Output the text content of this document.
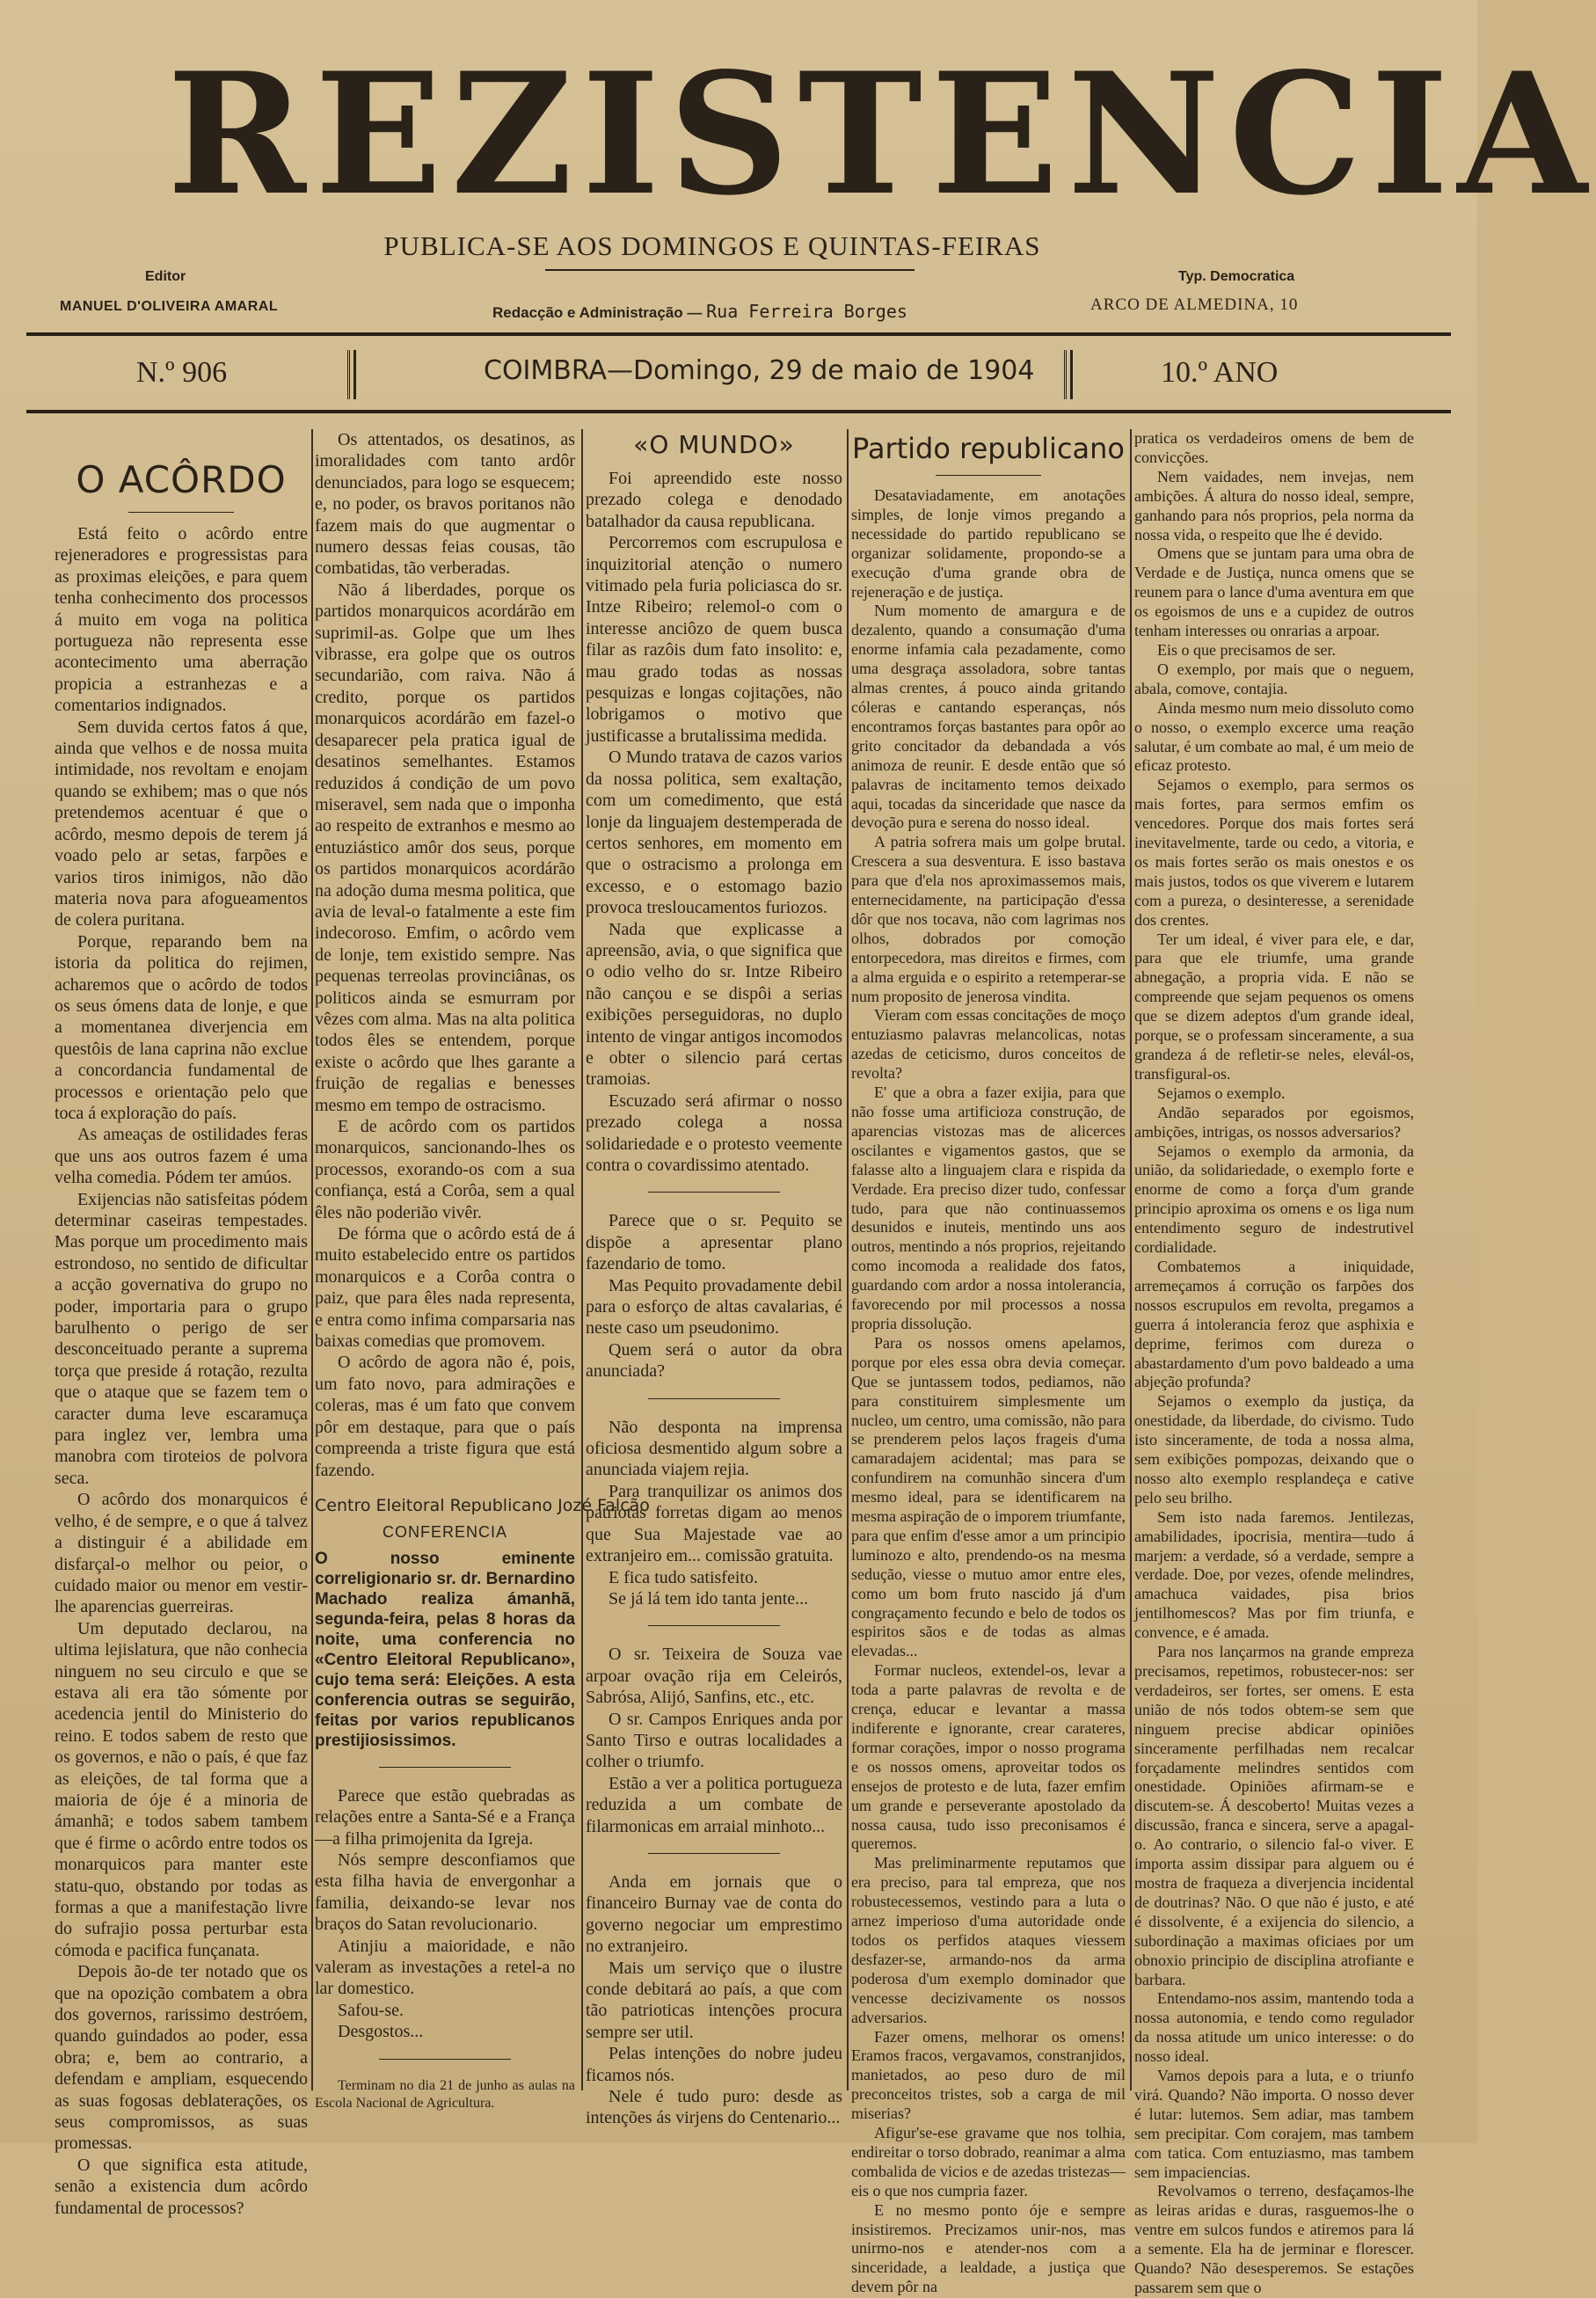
REZISTENCIA
PUBLICA-SE AOS DOMINGOS E QUINTAS-FEIRAS
Editor
MANUEL D'OLIVEIRA AMARAL	Redacção e Administração — Rua Ferreira Borges
Typ. Democratica
ARCO DE ALMEDINA, 10
N.º 906	COIMBRA—Domingo, 29 de maio de 1904	10.º ANO
O ACÔRDO

Está feito o acôrdo entre rejeneradores e progressistas para as proximas eleições, e para quem tenha conhecimento dos processos á muito em voga na politica portugueza não representa esse acontecimento uma aberração propicia a estranhezas e a comentarios indignados.

Sem duvida certos fatos á que, ainda que velhos e de nossa muita intimidade, nos revoltam e enojam quando se exhibem; mas o que nós pretendemos acentuar é que o acôrdo, mesmo depois de terem já voado pelo ar setas, farpões e varios tiros inimigos, não dão materia nova para afogueamentos de colera puritana.

Porque, reparando bem na istoria da politica do rejimen, acharemos que o acôrdo de todos os seus ómens data de lonje, e que a momentanea diverjencia em questôis de lana caprina não exclue a concordancia fundamental de processos e orientação pelo que toca á exploração do país.

As ameaças de ostilidades feras que uns aos outros fazem é uma velha comedia. Pódem ter amúos.

Exijencias não satisfeitas pódem determinar caseiras tempestades. Mas porque um procedimento mais estrondoso, no sentido de dificultar a acção governativa do grupo no poder, importaria para o grupo barulhento o perigo de ser desconceituado perante a suprema torça que preside á rotação, rezulta que o ataque que se fazem tem o caracter duma leve escaramuça para inglez ver, lembra uma manobra com tiroteios de polvora seca.

O acôrdo dos monarquicos é velho, é de sempre, e o que á talvez a distinguir é a abilidade em disfarçal-o melhor ou peior, o cuidado maior ou menor em vestir-lhe aparencias guerreiras.

Um deputado declarou, na ultima lejislatura, que não conhecia ninguem no seu circulo e que se estava ali era tão sómente por acedencia jentil do Ministerio do reino. E todos sabem de resto que os governos, e não o país, é que faz as eleições, de tal forma que a maioria de óje é a minoria de ámanhã; e todos sabem tambem que é firme o acôrdo entre todos os monarquicos para manter este statu-quo, obstando por todas as formas a que a manifestação livre do sufrajio possa perturbar esta cómoda e pacifica funçanata.

Depois ão-de ter notado que os que na opozição combatem a obra dos governos, rarissimo destróem, quando guindados ao poder, essa obra; e, bem ao contrario, a defendam e ampliam, esquecendo as suas fogosas deblaterações, os seus compromissos, as suas promessas.

O que significa esta atitude, senão a existencia dum acôrdo fundamental de processos?

Os attentados, os desatinos, as imoralidades com tanto ardôr denunciados, para logo se esquecem; e, no poder, os bravos poritanos não fazem mais do que augmentar o numero dessas feias cousas, tão combatidas, tão verberadas.

Não á liberdades, porque os partidos monarquicos acordárão em suprimil-as. Golpe que um lhes vibrasse, era golpe que os outros secundarião, com raiva. Não á credito, porque os partidos monarquicos acordárão em fazel-o desaparecer pela pratica igual de desatinos semelhantes. Estamos reduzidos á condição de um povo miseravel, sem nada que o imponha ao respeito de extranhos e mesmo ao entuziástico amôr dos seus, porque os partidos monarquicos acordárão na adoção duma mesma politica, que avia de leval-o fatalmente a este fim indecoroso. Emfim, o acôrdo vem de lonje, tem existido sempre. Nas pequenas terreolas provinciânas, os politicos ainda se esmurram por vêzes com alma. Mas na alta politica todos êles se entendem, porque existe o acôrdo que lhes garante a fruição de regalias e benesses mesmo em tempo de ostracismo.

E de acôrdo com os partidos monarquicos, sancionando-lhes os processos, exorando-os com a sua confiança, está a Corôa, sem a qual êles não poderião vivêr.

De fórma que o acôrdo está de á muito estabelecido entre os partidos monarquicos e a Corôa contra o paiz, que para êles nada representa, e entra como infima comparsaria nas baixas comedias que promovem.

O acôrdo de agora não é, pois, um fato novo, para admirações e coleras, mas é um fato que convem pôr em destaque, para que o país compreenda a triste figura que está fazendo.

Centro Eleitoral Republicano Jozé Falcão
CONFERENCIA
O nosso eminente correligionario sr. dr. Bernardino Machado realiza ámanhã, segunda-feira, pelas 8 horas da noite, uma conferencia no «Centro Eleitoral Republicano», cujo tema será: Eleições. A esta conferencia outras se seguirão, feitas por varios republicanos prestijiosissimos.

Parece que estão quebradas as relações entre a Santa-Sé e a França—a filha primojenita da Igreja.

Nós sempre desconfiamos que esta filha havia de envergonhar a familia, deixando-se levar nos braços do Satan revolucionario.

Atinjiu a maioridade, e não valeram as investações a retel-a no lar domestico.

Safou-se.

Desgostos...

Terminam no dia 21 de junho as aulas na Escola Nacional de Agricultura.

«O MUNDO»

Foi apreendido este nosso prezado colega e denodado batalhador da causa republicana.

Percorremos com escrupulosa e inquizitorial atenção o numero vitimado pela furia policiasca do sr. Intze Ribeiro; relemol-o com o interesse anciôzo de quem busca filar as razôis dum fato insolito: e, mau grado todas as nossas pesquizas e longas cojitações, não lobrigamos o motivo que justificasse a brutalissima medida.

O Mundo tratava de cazos varios da nossa politica, sem exaltação, com um comedimento, que está lonje da linguajem destemperada de certos senhores, em momento em que o ostracismo a prolonga em excesso, e o estomago bazio provoca tresloucamentos furiozos.

Nada que explicasse a apreensão, avia, o que significa que o odio velho do sr. Intze Ribeiro não cançou e se dispôi a serias exibições perseguidoras, no duplo intento de vingar antigos incomodos e obter o silencio pará certas tramoias.

Escuzado será afirmar o nosso prezado colega a nossa solidariedade e o protesto veemente contra o covardissimo atentado.

Parece que o sr. Pequito se dispõe a apresentar plano fazendario de tomo.

Mas Pequito provadamente debil para o esforço de altas cavalarias, é neste caso um pseudonimo.

Quem será o autor da obra anunciada?

Não desponta na imprensa oficiosa desmentido algum sobre a anunciada viajem rejia.

Para tranquilizar os animos dos patriotas forretas digam ao menos que Sua Majestade vae ao extranjeiro em... comissão gratuita.

E fica tudo satisfeito.

Se já lá tem ido tanta jente...

O sr. Teixeira de Souza vae arpoar ovação rija em Celeirós, Sabrósa, Alijó, Sanfins, etc., etc.

O sr. Campos Enriques anda por Santo Tirso e outras localidades a colher o triumfo.

Estão a ver a politica portugueza reduzida a um combate de filarmonicas em arraial minhoto...

Anda em jornais que o financeiro Burnay vae de conta do governo negociar um emprestimo no extranjeiro.

Mais um serviço que o ilustre conde debitará ao país, a que com tão patrioticas intenções procura sempre ser util.

Pelas intenções do nobre judeu ficamos nós.

Nele é tudo puro: desde as intenções ás virjens do Centenario...

Partido republicano

Desataviadamente, em anotações simples, de lonje vimos pregando a necessidade do partido republicano se organizar solidamente, propondo-se a execução d'uma grande obra de rejeneração e de justiça.

Num momento de amargura e de dezalento, quando a consumação d'uma enorme infamia cala pezadamente, como uma desgraça assoladora, sobre tantas almas crentes, á pouco ainda gritando cóleras e cantando esperanças, nós encontramos forças bastantes para opôr ao grito concitador da debandada a vós animoza de reunir. E desde então que só palavras de incitamento temos deixado aqui, tocadas da sinceridade que nasce da devoção pura e serena do nosso ideal.

A patria sofrera mais um golpe brutal. Crescera a sua desventura. E isso bastava para que d'ela nos aproximassemos mais, enternecidamente, na participação d'essa dôr que nos tocava, não com lagrimas nos olhos, dobrados por comoção entorpecedora, mas direitos e firmes, com a alma erguida e o espirito a retemperar-se num proposito de jenerosa vindita.

Vieram com essas concitações de moço entuziasmo palavras melancolicas, notas azedas de ceticismo, duros conceitos de revolta?

E' que a obra a fazer exijia, para que não fosse uma artificioza construção, de aparencias vistozas mas de alicerces oscilantes e vigamentos gastos, que se falasse alto a linguajem clara e rispida da Verdade. Era preciso dizer tudo, confessar tudo, para que não continuassemos desunidos e inuteis, mentindo uns aos outros, mentindo a nós proprios, rejeitando como incomoda a realidade dos fatos, guardando com ardor a nossa intolerancia, favorecendo por mil processos a nossa propria dissolução.

Para os nossos omens apelamos, porque por eles essa obra devia começar. Que se juntassem todos, pediamos, não para constituirem simplesmente um nucleo, um centro, uma comissão, não para se prenderem pelos laços frageis d'uma camaradajem acidental; mas para se confundirem na comunhão sincera d'um mesmo ideal, para se identificarem na mesma aspiração de o imporem triumfante, para que enfim d'esse amor a um principio luminozo e alto, prendendo-os na mesma sedução, viesse o mutuo amor entre eles, como um bom fruto nascido já d'um congraçamento fecundo e belo de todos os espiritos sãos e de todas as almas elevadas...

Formar nucleos, extendel-os, levar a toda a parte palavras de revolta e de crença, educar e levantar a massa indiferente e ignorante, crear carateres, formar corações, impor o nosso programa e os nossos omens, aproveitar todos os ensejos de protesto e de luta, fazer emfim um grande e perseverante apostolado da nossa causa, tudo isso preconisamos é queremos.

Mas preliminarmente reputamos que era preciso, para tal empreza, que nos robustecessemos, vestindo para a luta o arnez imperioso d'uma autoridade onde todos os perfidos ataques viessem desfazer-se, armando-nos da arma poderosa d'um exemplo dominador que vencesse decizivamente os nossos adversarios.

Fazer omens, melhorar os omens! Eramos fracos, vergavamos, constranjidos, manietados, ao peso duro de mil preconceitos tristes, sob a carga de mil miserias?

Afigur'se-ese gravame que nos tolhia, endireitar o torso dobrado, reanimar a alma combalida de vicios e de azedas tristezas—eis o que nos cumpria fazer.

E no mesmo ponto óje e sempre insistiremos. Precizamos unir-nos, mas unirmo-nos e atender-nos com a sinceridade, a lealdade, a justiça que devem pôr na

pratica os verdadeiros omens de bem de convicções.

Nem vaidades, nem invejas, nem ambições. Á altura do nosso ideal, sempre, ganhando para nós proprios, pela norma da nossa vida, o respeito que lhe é devido.

Omens que se juntam para uma obra de Verdade e de Justiça, nunca omens que se reunem para o lance d'uma aventura em que os egoismos de uns e a cupidez de outros tenham interesses ou onrarias a arpoar.

Eis o que precisamos de ser.

O exemplo, por mais que o neguem, abala, comove, contajia.

Ainda mesmo num meio dissoluto como o nosso, o exemplo excerce uma reação salutar, é um combate ao mal, é um meio de eficaz protesto.

Sejamos o exemplo, para sermos os mais fortes, para sermos emfim os vencedores. Porque dos mais fortes será inevitavelmente, tarde ou cedo, a vitoria, e os mais fortes serão os mais onestos e os mais justos, todos os que viverem e lutarem com a pureza, o desinteresse, a serenidade dos crentes.

Ter um ideal, é viver para ele, e dar, para que ele triumfe, uma grande abnegação, a propria vida. E não se compreende que sejam pequenos os omens que se dizem adeptos d'um grande ideal, porque, se o professam sinceramente, a sua grandeza á de refletir-se neles, elevál-os, transfigural-os.

Sejamos o exemplo.

Andão separados por egoismos, ambições, intrigas, os nossos adversarios?

Sejamos o exemplo da armonia, da união, da solidariedade, o exemplo forte e enorme de como a força d'um grande principio aproxima os omens e os liga num entendimento seguro de indestrutivel cordialidade.

Combatemos a iniquidade, arremeçamos á corrução os farpões dos nossos escrupulos em revolta, pregamos a guerra á intolerancia feroz que asphixia e deprime, ferimos com dureza o abastardamento d'um povo baldeado a uma abjeção profunda?

Sejamos o exemplo da justiça, da onestidade, da liberdade, do civismo. Tudo isto sinceramente, de toda a nossa alma, sem exibições pompozas, deixando que o nosso alto exemplo resplandeça e cative pelo seu brilho.

Sem isto nada faremos. Jentilezas, amabilidades, ipocrisia, mentira—tudo á marjem: a verdade, só a verdade, sempre a verdade. Doe, por vezes, ofende melindres, amachuca vaidades, pisa brios jentilhomescos? Mas por fim triunfa, e convence, e é amada.

Para nos lançarmos na grande empreza precisamos, repetimos, robustecer-nos: ser verdadeiros, ser fortes, ser omens. E esta união de nós todos obtem-se sem que ninguem precise abdicar opiniões sinceramente perfilhadas nem recalcar forçadamente melindres sentidos com onestidade. Opiniões afirmam-se e discutem-se. Á descoberto! Muitas vezes a discussão, franca e sincera, serve a apagal-o. Ao contrario, o silencio fal-o viver. E importa assim dissipar para alguem ou é mostra de fraqueza a diverjencia incidental de doutrinas? Não. O que não é justo, e até é dissolvente, é a exijencia do silencio, a subordinação a maximas oficiaes por um obnoxio principio de disciplina atrofiante e barbara.

Entendamo-nos assim, mantendo toda a nossa autonomia, e tendo como regulador da nossa atitude um unico interesse: o do nosso ideal.

Vamos depois para a luta, e o triunfo virá. Quando? Não importa. O nosso dever é lutar: lutemos. Sem adiar, mas tambem sem precipitar. Com corajem, mas tambem com tatica. Com entuziasmo, mas tambem sem impaciencias.

Revolvamos o terreno, desfaçamos-lhe as leiras aridas e duras, rasguemos-lhe o ventre em sulcos fundos e atiremos para lá a semente. Ela ha de jerminar e florescer. Quando? Não desesperemos. Se estações passarem sem que o
